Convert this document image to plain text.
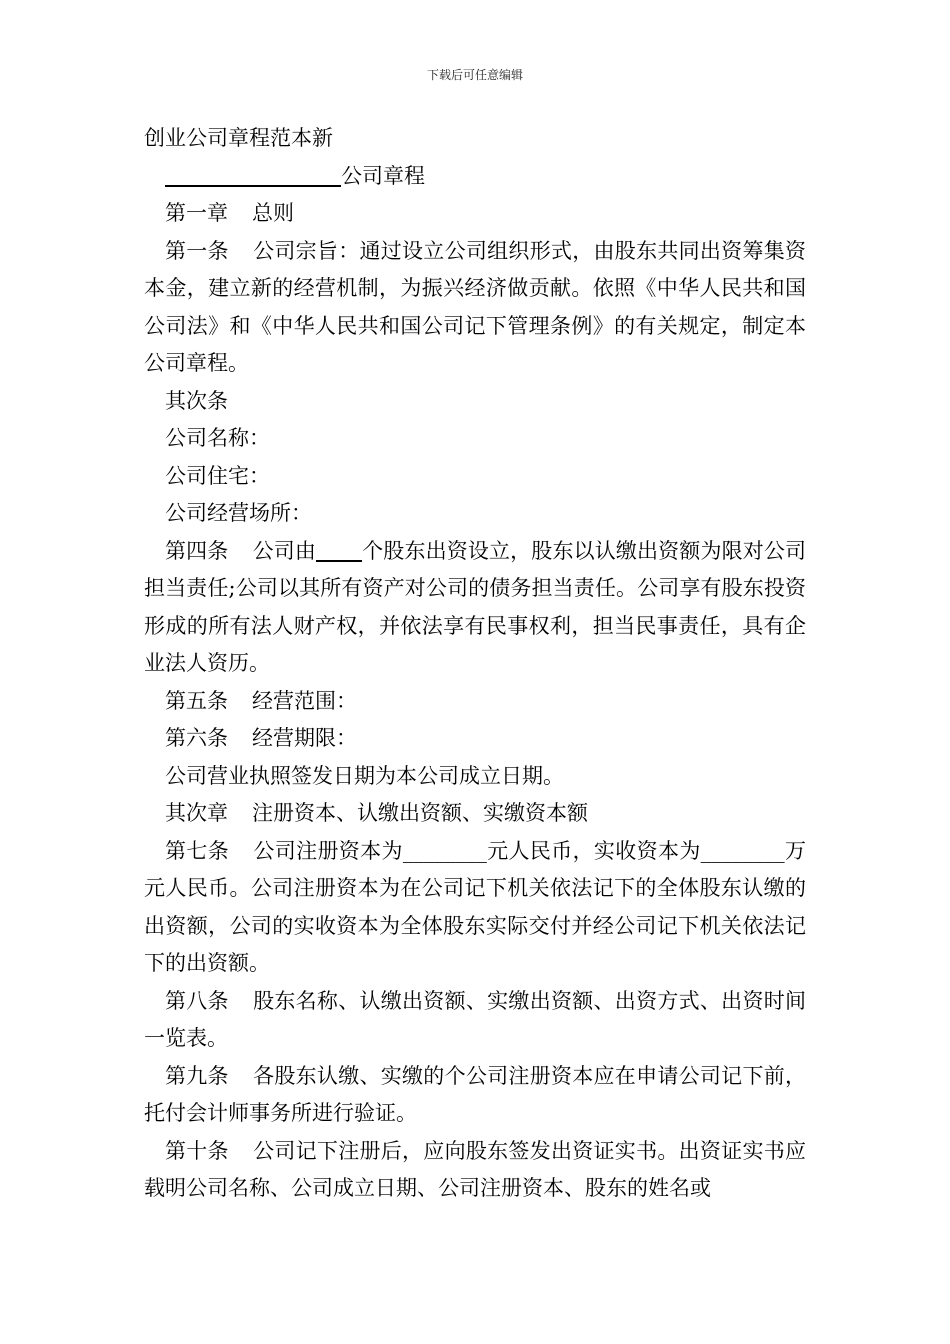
下载后可任意编辑

创业公司章程范本新

公司章程

第一章 总则

第一条 公司宗旨：通过设立公司组织形式，由股东共同出资筹集资本金，建立新的经营机制，为振兴经济做贡献。依照《中华人民共和国公司法》和《中华人民共和国公司记下管理条例》的有关规定，制定本公司章程。

其次条

公司名称：

公司住宅：

公司经营场所：

第四条 公司由 个股东出资设立，股东以认缴出资额为限对公司担当责任;公司以其所有资产对公司的债务担当责任。公司享有股东投资形成的所有法人财产权，并依法享有民事权利，担当民事责任，具有企业法人资历。

第五条 经营范围：

第六条 经营期限：

公司营业执照签发日期为本公司成立日期。

其次章 注册资本、认缴出资额、实缴资本额

第七条 公司注册资本为________元人民币，实收资本为________万元人民币。公司注册资本为在公司记下机关依法记下的全体股东认缴的出资额，公司的实收资本为全体股东实际交付并经公司记下机关依法记下的出资额。

第八条 股东名称、认缴出资额、实缴出资额、出资方式、出资时间一览表。

第九条 各股东认缴、实缴的个公司注册资本应在申请公司记下前，托付会计师事务所进行验证。

第十条 公司记下注册后，应向股东签发出资证实书。出资证实书应载明公司名称、公司成立日期、公司注册资本、股东的姓名或
